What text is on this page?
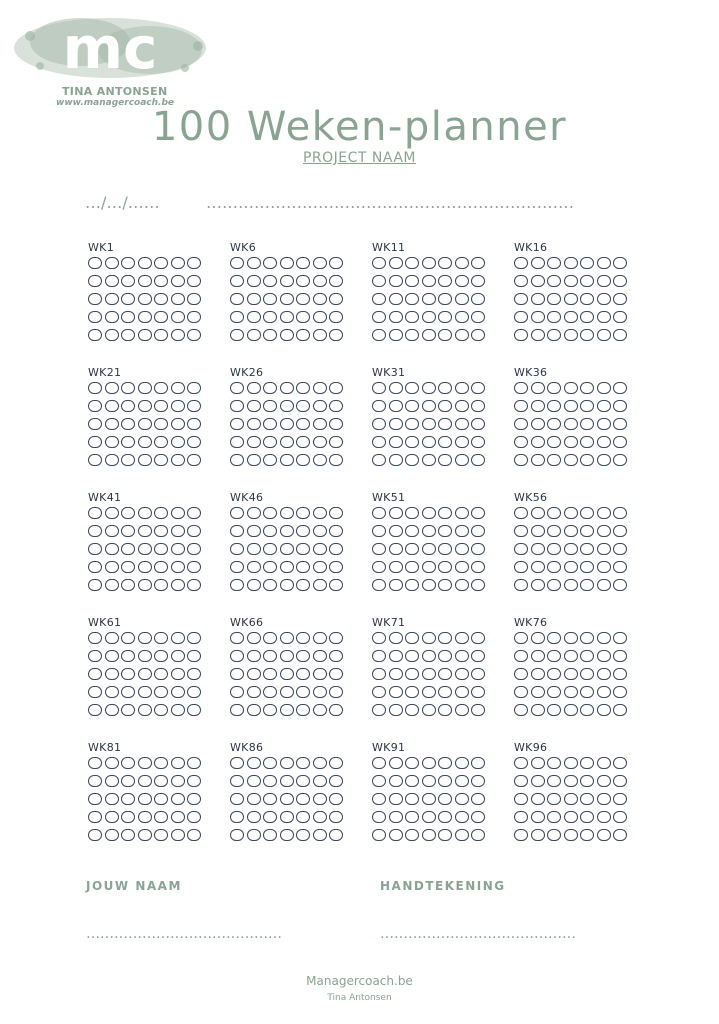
mc
TINA ANTONSEN
www.managercoach.be
100 Weken-planner
PROJECT NAAM
…/…/……	……………………………………………………………
WK1	WK6	WK11	WK16
WK21	WK26	WK31	WK36
WK41	WK46	WK51	WK56
WK61	WK66	WK71	WK76
WK81	WK86	WK91	WK96
JOUW NAAM	HANDTEKENING
……………………………………	……………………………………
Managercoach.be
Tina Antonsen
